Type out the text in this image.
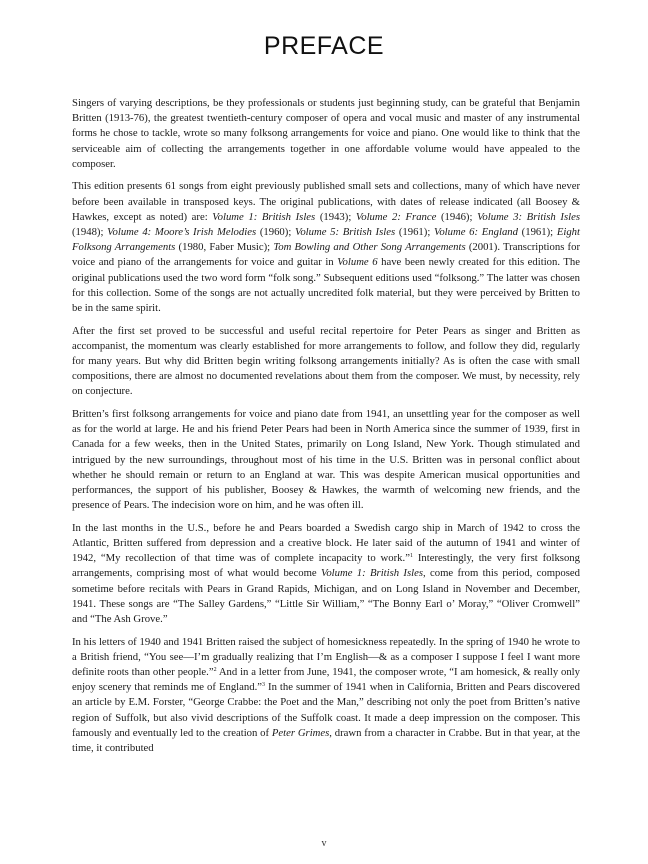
PREFACE

Singers of varying descriptions, be they professionals or students just beginning study, can be grateful that Benjamin Britten (1913-76), the greatest twentieth-century composer of opera and vocal music and master of any instrumental forms he chose to tackle, wrote so many folksong arrangements for voice and piano. One would like to think that the serviceable aim of collecting the arrangements together in one affordable volume would have appealed to the composer.

This edition presents 61 songs from eight previously published small sets and collections, many of which have never before been available in transposed keys. The original publications, with dates of release indicated (all Boosey & Hawkes, except as noted) are: Volume 1: British Isles (1943); Volume 2: France (1946); Volume 3: British Isles (1948); Volume 4: Moore’s Irish Melodies (1960); Volume 5: British Isles (1961); Volume 6: England (1961); Eight Folksong Arrangements (1980, Faber Music); Tom Bowling and Other Song Arrangements (2001). Transcriptions for voice and piano of the arrangements for voice and guitar in Volume 6 have been newly created for this edition. The original publications used the two word form “folk song.” Subsequent editions used “folksong.” The latter was chosen for this collection. Some of the songs are not actually uncredited folk material, but they were perceived by Britten to be in the same spirit.

After the first set proved to be successful and useful recital repertoire for Peter Pears as singer and Britten as accompanist, the momentum was clearly established for more arrangements to follow, and follow they did, regularly for many years. But why did Britten begin writing folksong arrangements initially? As is often the case with small compositions, there are almost no documented revelations about them from the composer. We must, by necessity, rely on conjecture.

Britten’s first folksong arrangements for voice and piano date from 1941, an unsettling year for the composer as well as for the world at large. He and his friend Peter Pears had been in North America since the summer of 1939, first in Canada for a few weeks, then in the United States, primarily on Long Island, New York. Though stimulated and intrigued by the new surroundings, throughout most of his time in the U.S. Britten was in personal conflict about whether he should remain or return to an England at war. This was despite American musical opportunities and performances, the support of his publisher, Boosey & Hawkes, the warmth of welcoming new friends, and the presence of Pears. The indecision wore on him, and he was often ill.

In the last months in the U.S., before he and Pears boarded a Swedish cargo ship in March of 1942 to cross the Atlantic, Britten suffered from depression and a creative block. He later said of the autumn of 1941 and winter of 1942, “My recollection of that time was of complete incapacity to work.”$^1$ Interestingly, the very first folksong arrangements, comprising most of what would become Volume 1: British Isles, come from this period, composed sometime before recitals with Pears in Grand Rapids, Michigan, and on Long Island in November and December, 1941. These songs are “The Salley Gardens,” “Little Sir William,” “The Bonny Earl o’ Moray,” “Oliver Cromwell” and “The Ash Grove.”

In his letters of 1940 and 1941 Britten raised the subject of homesickness repeatedly. In the spring of 1940 he wrote to a British friend, “You see—I’m gradually realizing that I’m English—& as a composer I suppose I feel I want more definite roots than other people.”$^2$ And in a letter from June, 1941, the composer wrote, “I am homesick, & really only enjoy scenery that reminds me of England.”$^3$ In the summer of 1941 when in California, Britten and Pears discovered an article by E.M. Forster, “George Crabbe: the Poet and the Man,” describing not only the poet from Britten’s native region of Suffolk, but also vivid descriptions of the Suffolk coast. It made a deep impression on the composer. This famously and eventually led to the creation of Peter Grimes, drawn from a character in Crabbe. But in that year, at the time, it contributed

v
